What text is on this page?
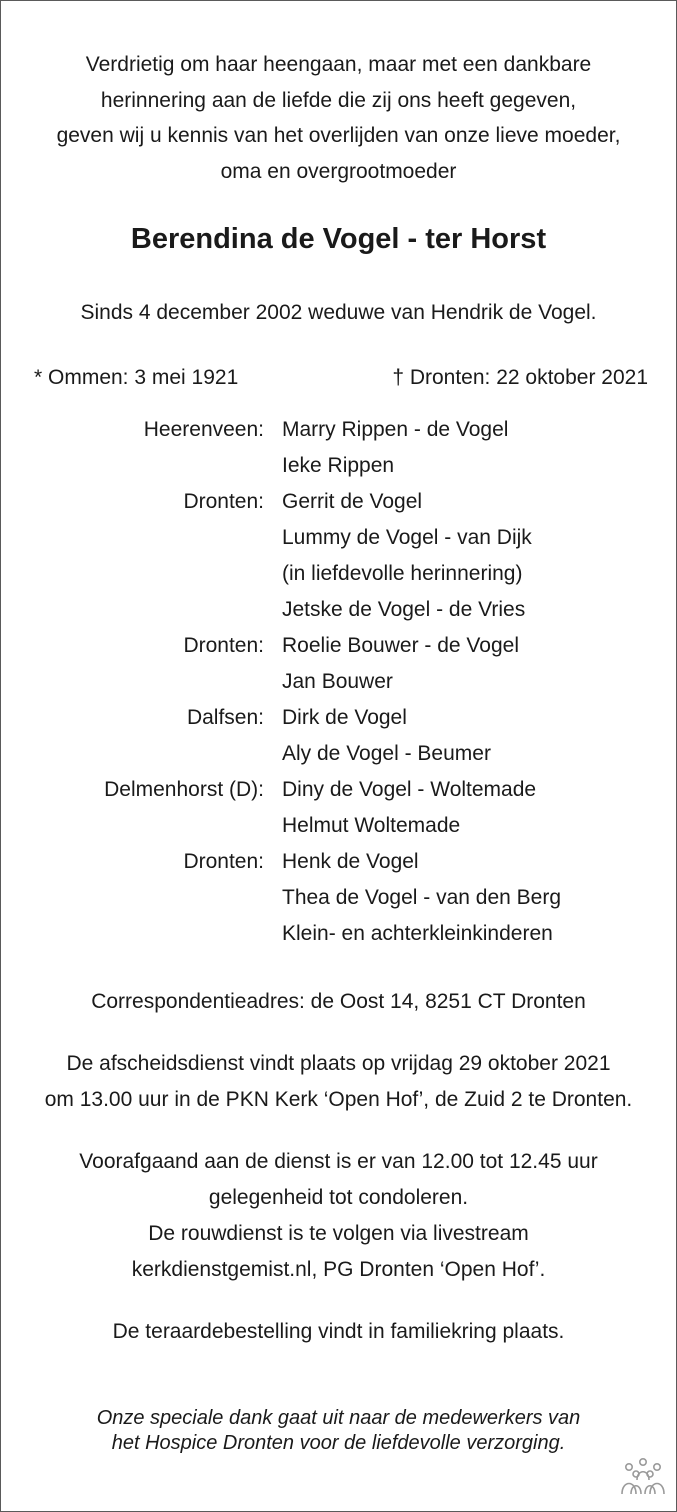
Verdrietig om haar heengaan, maar met een dankbare
herinnering aan de liefde die zij ons heeft gegeven,
geven wij u kennis van het overlijden van onze lieve moeder,
oma en overgrootmoeder
Berendina de Vogel - ter Horst
Sinds 4 december 2002 weduwe van Hendrik de Vogel.
* Ommen: 3 mei 1921	† Dronten: 22 oktober 2021
Heerenveen: Marry Rippen - de Vogel
Ieke Rippen
Dronten: Gerrit de Vogel
Lummy de Vogel - van Dijk
(in liefdevolle herinnering)
Jetske de Vogel - de Vries
Dronten: Roelie Bouwer - de Vogel
Jan Bouwer
Dalfsen: Dirk de Vogel
Aly de Vogel - Beumer
Delmenhorst (D): Diny de Vogel - Woltemade
Helmut Woltemade
Dronten: Henk de Vogel
Thea de Vogel - van den Berg
Klein- en achterkleinkinderen

Correspondentieadres: de Oost 14, 8251 CT Dronten

De afscheidsdienst vindt plaats op vrijdag 29 oktober 2021

om 13.00 uur in de PKN Kerk ‘Open Hof’, de Zuid 2 te Dronten.

Voorafgaand aan de dienst is er van 12.00 tot 12.45 uur

gelegenheid tot condoleren.

De rouwdienst is te volgen via livestream

kerkdienstgemist.nl, PG Dronten ‘Open Hof’.

De teraardebestelling vindt in familiekring plaats.

Onze speciale dank gaat uit naar de medewerkers van
het Hospice Dronten voor de liefdevolle verzorging.
